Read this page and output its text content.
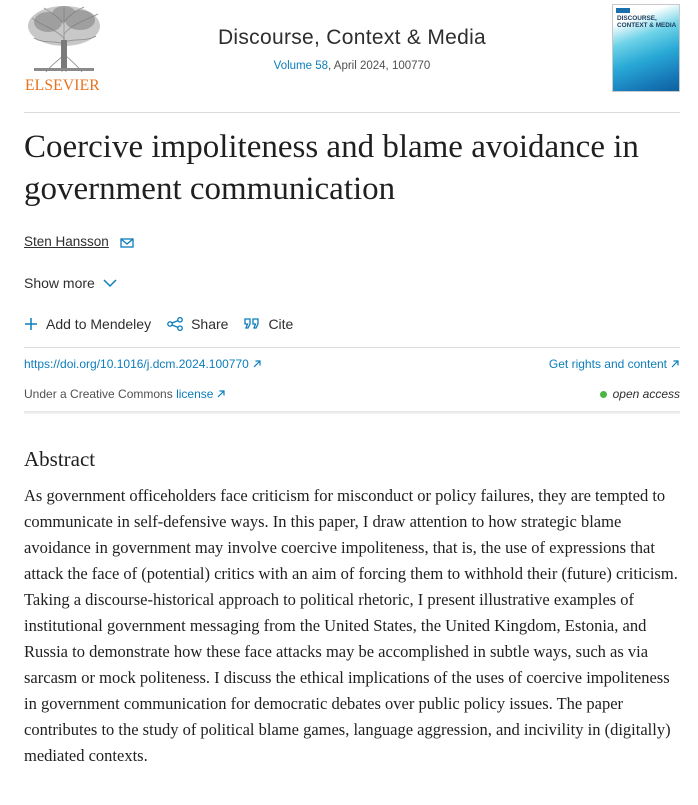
ELSEVIER
Discourse, Context & Media
Volume 58, April 2024, 100770
DISCOURSE, CONTEXT & MEDIA
Coercive impoliteness and blame avoidance in government communication
Sten Hansson
Show more
Add to Mendeley	Share	Cite
https://doi.org/10.1016/j.dcm.2024.100770	Get rights and content
Under a Creative Commons license	open access
Abstract

As government officeholders face criticism for misconduct or policy failures, they are tempted to communicate in self-defensive ways. In this paper, I draw attention to how strategic blame avoidance in government may involve coercive impoliteness, that is, the use of expressions that attack the face of (potential) critics with an aim of forcing them to withhold their (future) criticism. Taking a discourse-historical approach to political rhetoric, I present illustrative examples of institutional government messaging from the United States, the United Kingdom, Estonia, and Russia to demonstrate how these face attacks may be accomplished in subtle ways, such as via sarcasm or mock politeness. I discuss the ethical implications of the uses of coercive impoliteness in government communication for democratic debates over public policy issues. The paper contributes to the study of political blame games, language aggression, and incivility in (digitally) mediated contexts.
